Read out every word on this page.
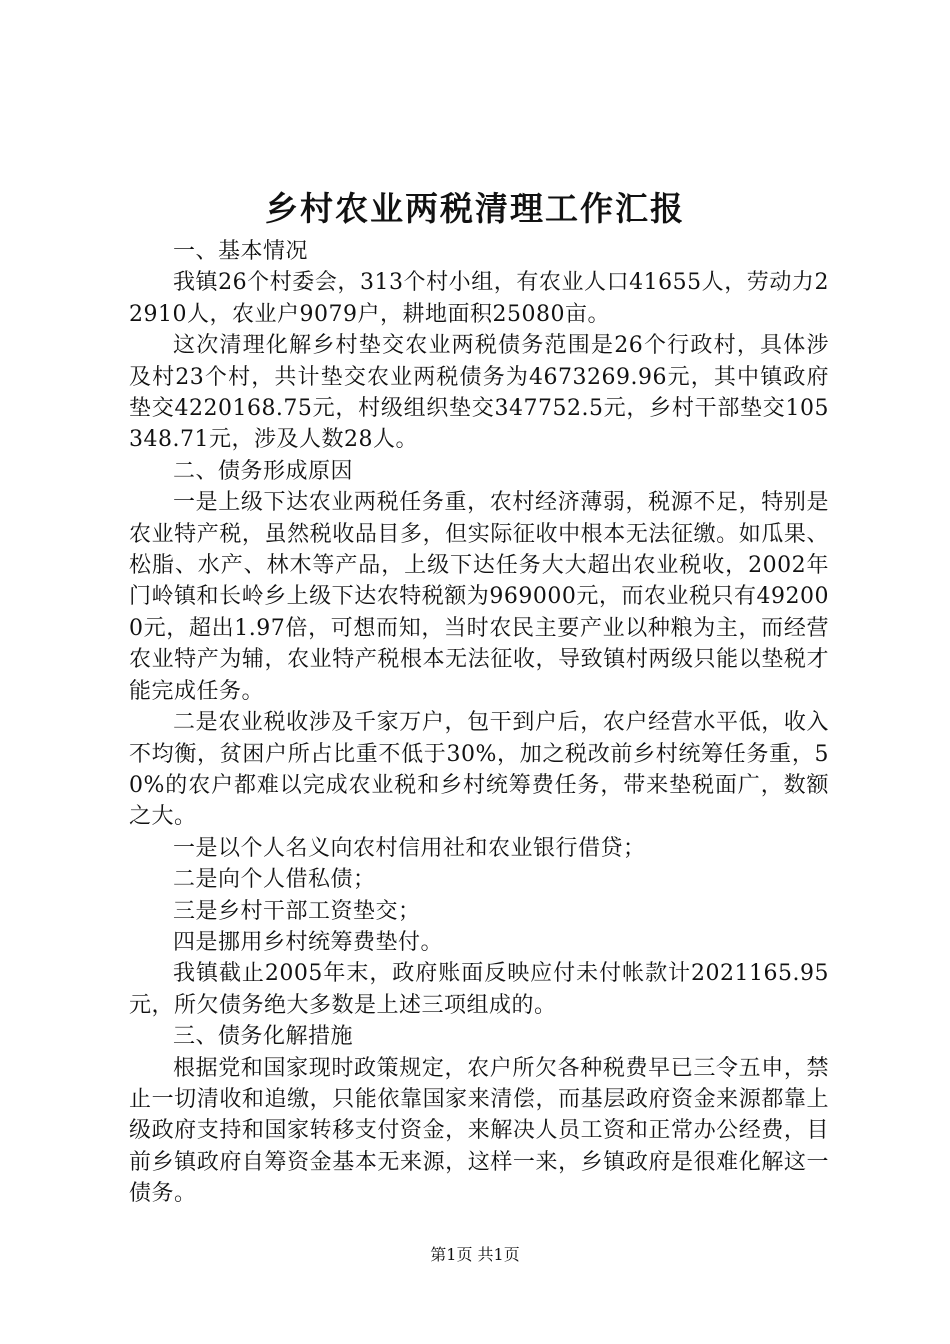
乡村农业两税清理工作汇报

一、基本情况

我镇26个村委会，313个村小组，有农业人口41655人，劳动力22910人，农业户9079户，耕地面积25080亩。

这次清理化解乡村垫交农业两税债务范围是26个行政村，具体涉及村23个村，共计垫交农业两税债务为4673269.96元，其中镇政府垫交4220168.75元，村级组织垫交347752.5元，乡村干部垫交105348.71元，涉及人数28人。

二、债务形成原因

一是上级下达农业两税任务重，农村经济薄弱，税源不足，特别是农业特产税，虽然税收品目多，但实际征收中根本无法征缴。如瓜果、松脂、水产、林木等产品，上级下达任务大大超出农业税收，2002年门岭镇和长岭乡上级下达农特税额为969000元，而农业税只有492000元，超出1.97倍，可想而知，当时农民主要产业以种粮为主，而经营农业特产为辅，农业特产税根本无法征收，导致镇村两级只能以垫税才能完成任务。

二是农业税收涉及千家万户，包干到户后，农户经营水平低，收入不均衡，贫困户所占比重不低于30%，加之税改前乡村统筹任务重，50%的农户都难以完成农业税和乡村统筹费任务，带来垫税面广，数额之大。

一是以个人名义向农村信用社和农业银行借贷；

二是向个人借私债；

三是乡村干部工资垫交；

四是挪用乡村统筹费垫付。

我镇截止2005年末，政府账面反映应付未付帐款计2021165.95元，所欠债务绝大多数是上述三项组成的。

三、债务化解措施

根据党和国家现时政策规定，农户所欠各种税费早已三令五申，禁止一切清收和追缴，只能依靠国家来清偿，而基层政府资金来源都靠上级政府支持和国家转移支付资金，来解决人员工资和正常办公经费，目前乡镇政府自筹资金基本无来源，这样一来，乡镇政府是很难化解这一债务。

第1页 共1页
